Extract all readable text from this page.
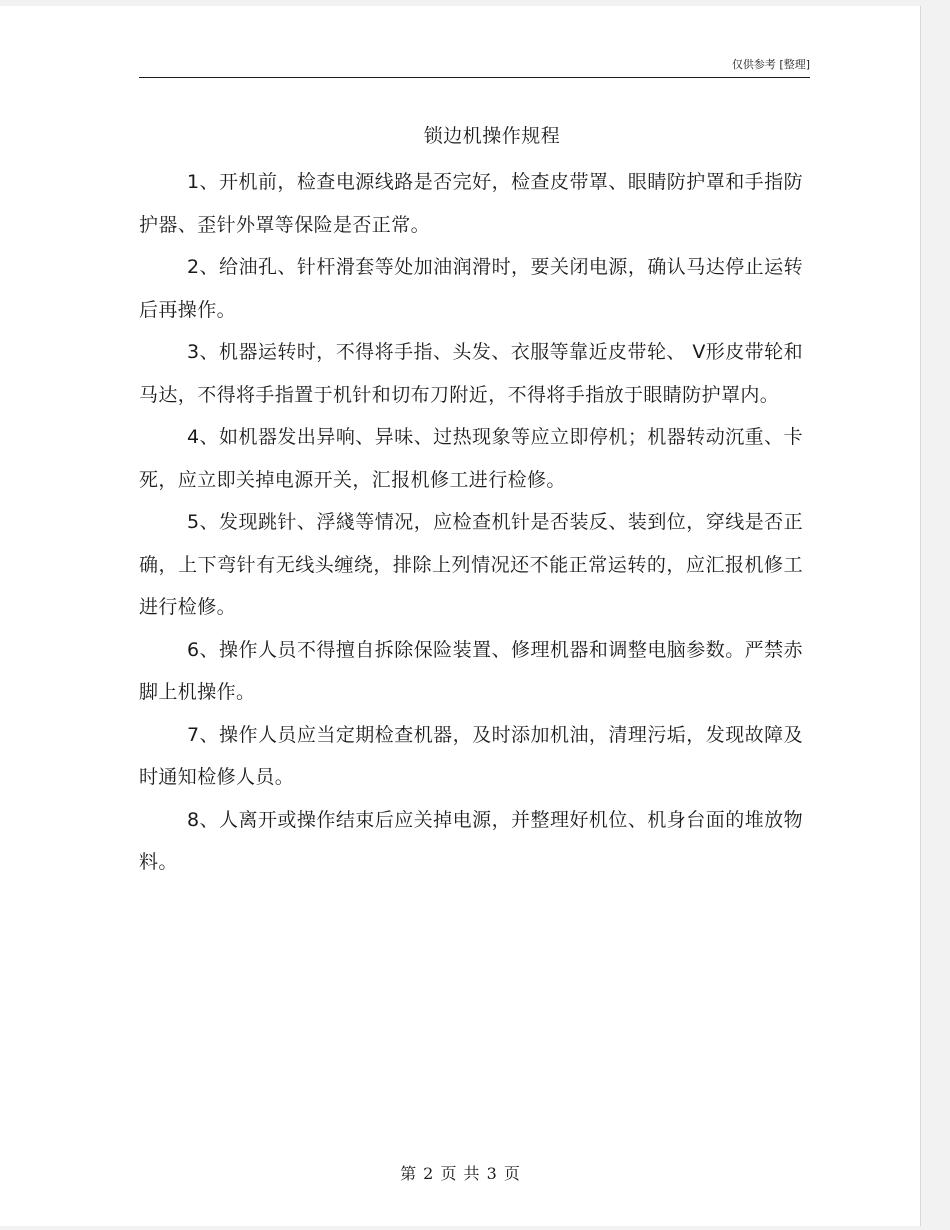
仅供参考 [整理]
锁边机操作规程

1、开机前，检查电源线路是否完好，检查皮带罩、眼睛防护罩和手指防护器、歪针外罩等保险是否正常。

2、给油孔、针杆滑套等处加油润滑时，要关闭电源，确认马达停止运转后再操作。

3、机器运转时，不得将手指、头发、衣服等靠近皮带轮、 V形皮带轮和马达，不得将手指置于机针和切布刀附近，不得将手指放于眼睛防护罩内。

4、如机器发出异响、异味、过热现象等应立即停机；机器转动沉重、卡死，应立即关掉电源开关，汇报机修工进行检修。

5、发现跳针、浮綫等情况，应检查机针是否装反、装到位，穿线是否正确，上下弯针有无线头缠绕，排除上列情况还不能正常运转的，应汇报机修工进行检修。

6、操作人员不得擅自拆除保险装置、修理机器和调整电脑参数。严禁赤脚上机操作。

7、操作人员应当定期检查机器，及时添加机油，清理污垢，发现故障及时通知检修人员。

8、人离开或操作结束后应关掉电源，并整理好机位、机身台面的堆放物料。

第 2 页 共 3 页
